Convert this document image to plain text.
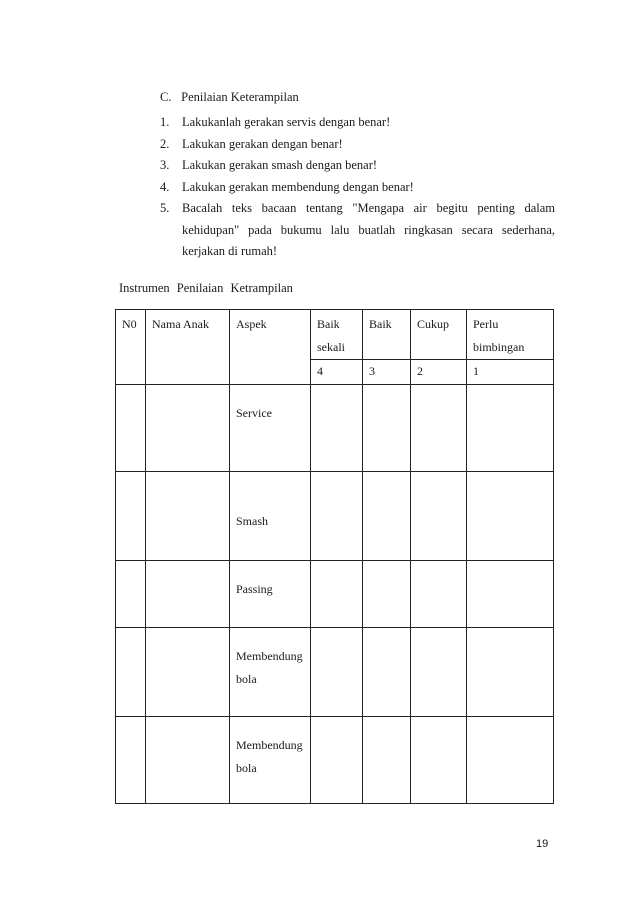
C. Penilaian Keterampilan
1. Lakukanlah gerakan servis dengan benar!
2. Lakukan gerakan dengan benar!
3. Lakukan gerakan smash dengan benar!
4. Lakukan gerakan membendung dengan benar!
5. Bacalah teks bacaan tentang "Mengapa air begitu penting dalam kehidupan" pada bukumu lalu buatlah ringkasan secara sederhana, kerjakan di rumah!
Instrumen Penilaian Ketrampilan
N0	Nama Anak	Aspek	Baik sekali	Baik	Cukup	Perlu bimbingan
			4	3	2	1
		Service				
		Smash				
		Passing				
		Membendung bola				
		Membendung bola				
19
